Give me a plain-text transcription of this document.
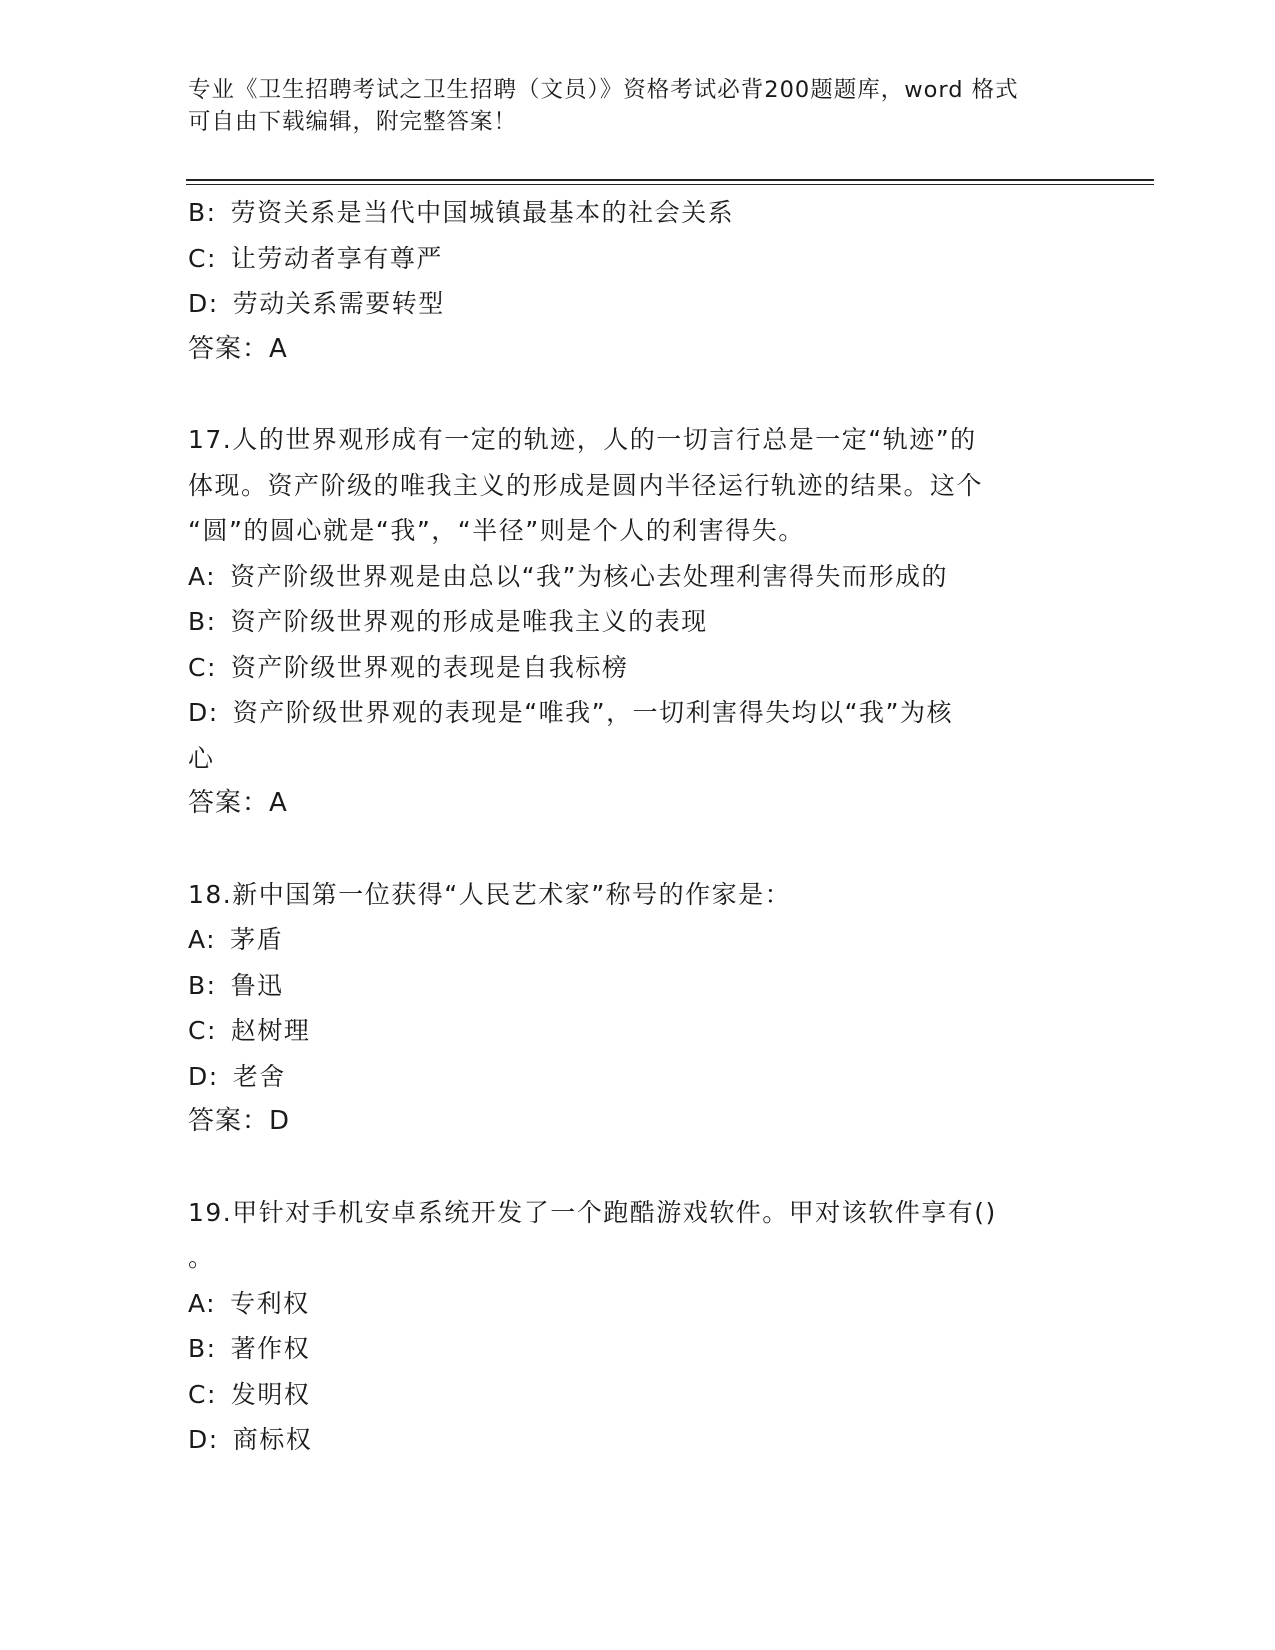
专业《卫生招聘考试之卫生招聘（文员）》资格考试必背200题题库，word 格式
可自由下载编辑，附完整答案！

B: 劳资关系是当代中国城镇最基本的社会关系

C: 让劳动者享有尊严

D: 劳动关系需要转型

答案：A

17.人的世界观形成有一定的轨迹，人的一切言行总是一定“轨迹”的

体现。资产阶级的唯我主义的形成是圆内半径运行轨迹的结果。这个

“圆”的圆心就是“我”，“半径”则是个人的利害得失。

A: 资产阶级世界观是由总以“我”为核心去处理利害得失而形成的

B: 资产阶级世界观的形成是唯我主义的表现

C: 资产阶级世界观的表现是自我标榜

D: 资产阶级世界观的表现是“唯我”，一切利害得失均以“我”为核

心

答案：A

18.新中国第一位获得“人民艺术家”称号的作家是：

A: 茅盾

B: 鲁迅

C: 赵树理

D: 老舍

答案：D

19.甲针对手机安卓系统开发了一个跑酷游戏软件。甲对该软件享有()

。

A: 专利权

B: 著作权

C: 发明权

D: 商标权
